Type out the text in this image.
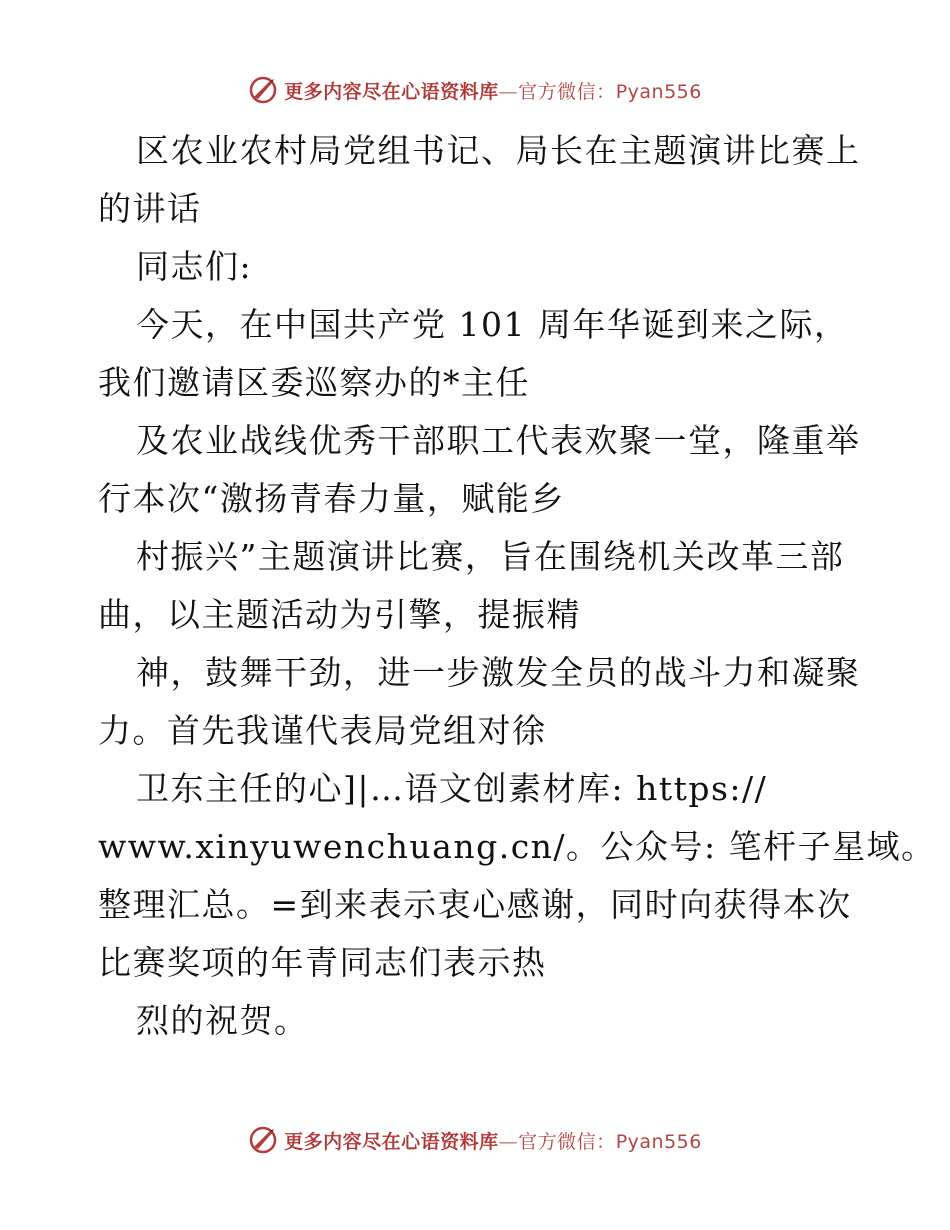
更多内容尽在心语资料库—官方微信：Pyan556
区农业农村局党组书记、局长在主题演讲比赛上
的讲话
同志们:
今天，在中国共产党 101 周年华诞到来之际，
我们邀请区委巡察办的*主任
及农业战线优秀干部职工代表欢聚一堂，隆重举
行本次“激扬青春力量，赋能乡
村振兴”主题演讲比赛，旨在围绕机关改革三部
曲，以主题活动为引擎，提振精
神，鼓舞干劲，进一步激发全员的战斗力和凝聚
力。首先我谨代表局党组对徐
卫东主任的心]|…语文创素材库: https://
www.xinyuwenchuang.cn/。公众号: 笔杆子星域。
整理汇总。=到来表示衷心感谢，同时向获得本次
比赛奖项的年青同志们表示热
烈的祝贺。
更多内容尽在心语资料库—官方微信：Pyan556
